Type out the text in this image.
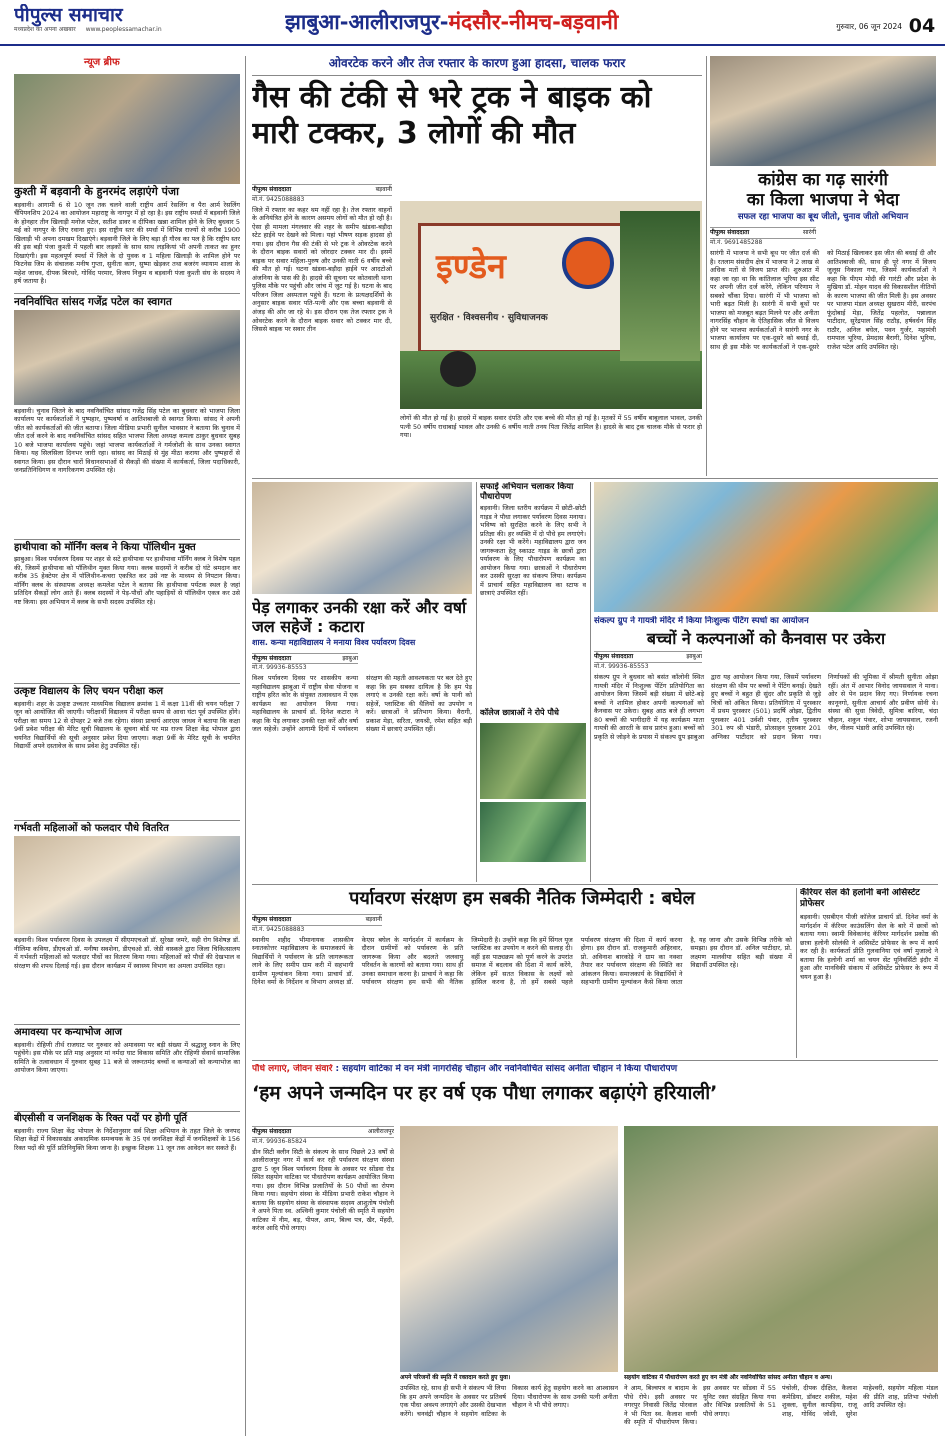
पीपुल्स समाचार
मध्यप्रदेश का अपना अखबार www.peoplessamachar.in	झाबुआ-आलीराजपुर-मंदसौर-नीमच-बड़वानी	गुरुवार, 06 जून 2024 04
न्यूज ब्रीफ
कुश्ती में बड़वानी के हुनरमंद लड़ाएंगे पंजा
बड़वानी। आगामी 6 से 10 जून तक चलने वाली राष्ट्रीय आर्म रेसलिंग व पैरा आर्म रेसलिंग चैंपियनशिप 2024 का आयोजन महाराष्ट्र के नागपुर में हो रहा है। इस राष्ट्रीय स्पर्धा में बड़वानी जिले के होनहार तीन खिलाड़ी मनोज पटेल, सतीश डावर व दीपिका खन्ना शामिल होने के लिए बुधवार 5 मई को नागपुर के लिए रवाना हुए। इस राष्ट्रीय स्तर की स्पर्धा में विभिन्न राज्यों से करीब 1900 खिलाड़ी भी अपना दमखम दिखाएंगे। बड़वानी जिले के लिए बड़ा ही गौरव का पल है कि राष्ट्रीय स्तर की इस बड़ी पंजा कुश्ती में पहली बार लड़कों के साथ साथ लड़कियां भी अपनी ताकत का हुनर दिखाएंगी। इस महत्वपूर्ण स्पर्धा में जिले के दो युवक व 1 महिला खिलाड़ी के शामिल होने पर फिटनेस जिम के संचालक मनीष गुप्ता, सुनीता काग, सुष्मा खेड़कर तथा बजरंग व्यायाम शाला के महेश जाधव, दीपक बिरथरे, गोविंद परमार, विजय निकुम व बड़वानी पंजा कुश्ती संघ के सदस्य ने हर्ष जताया है।
नवनिर्वाचित सांसद गजेंद्र पटेल का स्वागत
बड़वानी। चुनाव जितने के बाद नवनिर्वाचित सांसद गजेंद्र सिंह पटेल का बुधवार को भाजपा जिला कार्यालय पर कार्यकर्ताओं ने पुष्पहार, पुष्पवर्षा व आतिशबाजी से स्वागत किया। सांसद ने अपनी जीत को कार्यकर्ताओं की जीत बताया। जिला मीडिया प्रभारी सुनील भावसार ने बताया कि चुनाव में जीत दर्ज करने के बाद नवनिर्वाचित सांसद सहित भाजपा जिला अध्यक्ष कमला ठाकुर बुधवार सुबह 10 बजे भाजपा कार्यालय पहुंचे। जहां भाजपा कार्यकर्ताओं ने गर्मजोशी के साथ उनका स्वागत किया। यह सिलसिला दिनभर जारी रहा। सांसद का मिठाई से मुंह मीठा कराया और पुष्पहारों से स्वागत किया। इस दौरान चारों विधानसभाओं से सैकड़ों की संख्या में कार्यकर्ता, जिला पदाधिकारी, जनप्रतिनिधिगण व नागरिकगण उपस्थित रहे।
हाथीपावा को मॉर्निंग क्लब ने किया पॉलिथीन मुक्त
झाबुआ। विश्व पर्यावरण दिवस पर शहर से सटे हाथीपावा पर हाथीपावा मॉर्निंग क्लब ने विशेष पहल की, जिसमें हाथीपावा को पॉलिथीन मुक्त किया गया। क्लब सदस्यों ने करीब दो घंटे श्रमदान कर करीब 35 हेक्टेयर क्षेत्र में पॉलिथीन-कचरा एकत्रित कर उसे नष्ट के माध्यम से निपटान किया। मॉर्निंग क्लब के संस्थापक अध्यक्ष कमलेश पटेल ने बताया कि हाथीपावा पर्यटक स्थल है जहां प्रतिदिन सैकड़ों लोग आते हैं। क्लब सदस्यों ने पेड़-पौधों और पहाड़ियों से पॉलिथीन एकत्र कर उसे नष्ट किया। इस अभियान में क्लब के सभी सदस्य उपस्थित रहे।
उत्कृष्ट विद्यालय के लिए चयन परीक्षा कल
बड़वानी। शहर के उत्कृष्ट उच्चतर माध्यमिक विद्यालय क्रमांक 1 में कक्षा 11वीं की चयन परीक्षा 7 जून को आयोजित की जाएगी। परीक्षार्थी विद्यालय में परीक्षा समय से आधा घंटा पूर्व उपस्थित होंगे। परीक्षा का समय 12 से दोपहर 2 बजे तक रहेगा। संस्था प्राचार्य आरएस जाधव ने बताया कि कक्षा 9वीं प्रवेश परीक्षा की मेरिट सूची विद्यालय के सूचना बोर्ड पर मप्र राज्य शिक्षा केंद्र भोपाल द्वारा चयनित विद्यार्थियों की सूची अनुसार प्रवेश दिया जाएगा। कक्षा 9वीं के मेरिट सूची के चयनित विद्यार्थी अपने दस्तावेज के साथ प्रवेश हेतु उपस्थित रहें।
गर्भवती महिलाओं को फलदार पौधे वितरित
बड़वानी। विश्व पर्यावरण दिवस के उपलक्ष्य में सीएमएचओ डॉ. सुरेखा जमरे, सही रोग विशेषज्ञ डॉ. नीलिमा कविया, डीएचओ डॉ. मनीषा सवशेना, डीएचओ डॉ. जेडी वास्कले द्वारा जिला चिकित्सालय में गर्भवती महिलाओं को फलदार पौधों का वितरण किया गया। महिलाओं को पौधों की देखभाल व संरक्षण की शपथ दिलाई गई। इस दौरान कार्यक्रम में स्वास्थ्य विभाग का अमला उपस्थित रहा।
अमावस्या पर कन्याभोज आज
बड़वानी। रोहिणी तीर्थ राजघाट पर गुरुवार को अमावस्या पर बड़ी संख्या में श्रद्धालु स्नान के लिए पहुंचेंगे। इस मौके पर प्रति माह अनुसार मां नर्मदा घाट विकास समिति और रोहिणी सेवार्थ सामाजिक समिति के तत्वावधान में गुरुवार सुबह 11 बजे से जरूरतमंद बच्चों व कन्याओं को कन्याभोज का आयोजन किया जाएगा।
बीएसीसी व जनशिक्षक के रिक्त पदों पर होगी पूर्ति
बड़वानी। राज्य शिक्षा केंद्र भोपाल के निर्देशानुसार सर्व शिक्षा अभियान के तहत जिले के जनपद शिक्षा केंद्रों में विकासखंड अकादमिक समन्वयक के 35 एवं जनशिक्षा केंद्रों में जनशिक्षकों के 156 रिक्त पदों की पूर्ति प्रतिनियुक्ति किया जाना है। इच्छुक शिक्षक 11 जून तक आवेदन कर सकते हैं।
ओवरटेक करने और तेज रफ्तार के कारण हुआ हादसा, चालक फरार
गैस की टंकी से भरे ट्रक ने बाइक को मारी टक्कर, 3 लोगों की मौत
पीपुल्स संवाददाता	बड़वानी
मो.नं. 9425088883
जिले में रफ्तार का कहर थम नहीं रहा है। तेज रफ्तार वाहनों के अनियंत्रित होने के कारण असमय लोगों को मौत हो रही है। ऐसा ही मामला मंगलवार की शहर के समीप खंडवा-बड़ौदा स्टेट हाईवे पर देखने को मिला। यहां भीषण सड़क हादसा हो गया। इस दौरान गैस की टंकी से भरे ट्रक ने ओवरटेक करने के दौरान बाइक सवारों को जोरदार टक्कर मार दी। इसमें बाइक पर सवार महिला-पुरुष और उनकी नाती 6 वर्षीय बच्चे की मौत हो गई। घटना खंडवा-बड़ौदा हाईवे पर आदटोओ अंजनिया के पास की है। हादसे की सूचना पर कोतवाली थाना पुलिस मौके पर पहुंची और जांच में जुट गई है। घटना के बाद परिजन जिला अस्पताल पहुंचे हैं। घटना के प्रत्यक्षदर्शियों के अनुसार बाइक सवार पति-पत्नी और एक बच्चा बड़वानी से अंजड़ की ओर जा रहे थे। इस दौरान एक तेज रफ्तार ट्रक ने ओवरटेक करने के दौरान बाइक सवार को टक्कर मार दी, जिससे बाइक पर सवार तीन
इण्डेन
सुरक्षित · विश्वसनीय · सुविधाजनक
लोगों की मौत हो गई है। हादसे में बाइक सवार दंपति और एक बच्चे की मौत हो गई है। मृतकों में 55 वर्षीय बाबूलाल भावल, उनकी पत्नी 50 वर्षीय राधाबाई भावल और उनकी 6 वर्षीय नाती तनय पिता जितेंद्र शामिल है। हादसे के बाद ट्रक चालक मौके से फरार हो गया।
कांग्रेस का गढ़ सारंगी
का किला भाजपा ने भेदा
सफल रहा भाजपा का बूथ जीतो, चुनाव जीतो अभियान
पीपुल्स संवाददाता	सारंगी
मो.नं. 9691485288
सारंगी में भाजपा ने सभी बूथ पर जीत दर्ज की है। रतलाम संसदीय क्षेत्र में भाजपा ने 2 लाख से अधिक मतों से विजय प्राप्त की। शुरुआत में कहा जा रहा था कि कांतिलाल भूरिया इस सीट पर अपनी जीत दर्ज करेंगे, लेकिन परिणाम ने सबको चौंका दिया। सारंगी में भी भाजपा को भारी बढ़त मिली है। सारंगी में सभी बूथों पर भाजपा को मजबूत बढ़त मिलने पर और अनीता नागरसिंह चौहान के ऐतिहासिक जीत से विजय होने पर भाजपा कार्यकर्ताओं ने सारंगी नगर के भाजपा कार्यालय पर एक-दूसरे को बधाई दी, साथ ही इस मौके पर कार्यकर्ताओं ने एक-दूसरे को मिठाई खिलाकर इस जीत की बधाई दी और आतिशबाजी की, साथ ही पूरे नगर में विजय जुलूस निकाला गया, जिसमें कार्यकर्ताओं ने कहा कि पीएम मोदी की गारंटी और प्रदेश के मुखिया डॉ. मोहन यादव की विकासशील नीतियों के कारण भाजपा की जीत मिली है। इस अवसर पर भाजपा मंडल अध्यक्ष सुखराम मीरी, सरपंच फूंदोबाई मेड़ा, जितेंद्र पहलोत, पन्नालाल पाटीदार, सुरेंद्रपाल सिंह राठौड़, हर्षवर्धन सिंह राठौर, अनिल बघेल, पवन गुर्जर, महामंत्री रामपाल भूरिया, प्रेमदास बैरागी, दिनेश भूरिया, राजेश पटेल आदि उपस्थित रहे।
पेड़ लगाकर उनकी रक्षा करें और वर्षा जल सहेजें : कटारा
शास. कन्या महाविद्यालय ने मनाया विश्व पर्यावरण दिवस
पीपुल्स संवाददाता	झाबुआ
मो.नं. 99936-85553
विश्व पर्यावरण दिवस पर शासकीय कन्या महाविद्यालय झाबुआ में राष्ट्रीय सेवा योजना व राष्ट्रीय हरित कोर के संयुक्त तत्वावधान में एक कार्यक्रम का आयोजन किया गया। महाविद्यालय के प्राचार्य डॉ. दिनेश कटारा ने कहा कि पेड़ लगाकर उनकी रक्षा करें और वर्षा जल सहेजें। उन्होंने आगामी दिनों में पर्यावरण संरक्षण की महती आवश्यकता पर बल देते हुए कहा कि हम सबका दायित्व है कि हम पेड़ लगाएं व उनकी रक्षा करें। वर्षा के पानी को सहेजें, प्लास्टिक की थैलियों का उपयोग न करें। छात्राओं ने प्रतिभाग किया। वैरागी, प्रकाश मेड़ा, सरिता, जयश्री, रमेश सहित बड़ी संख्या में छात्राएं उपस्थित रहीं।
सफाई अभियान चलाकर किया पौधारोपण
बड़वानी। जिला स्तरीय कार्यक्रम में छोटी-छोटी गाइड ने पौधा लगाकर पर्यावरण दिवस मनाया। भविष्य को सुरक्षित करने के लिए सभी ने प्रतिज्ञा की। हर व्यक्ति में दो पौधे हम लगाएंगे। उनकी रक्षा भी करेंगे। महाविद्यालय द्वारा जन जागरूकता हेतु स्काउट गाइड के छात्रों द्वारा पर्यावरण के लिए पौधारोपण कार्यक्रम का आयोजन किया गया। छात्राओं ने पौधारोपण कर उसकी सुरक्षा का संकल्प लिया। कार्यक्रम में प्राचार्य सहित महाविद्यालय का स्टाफ व छात्राएं उपस्थित रहीं।
कॉलेज छात्राओं ने रोपे पौधे
संकल्प ग्रुप ने गायत्री मंदिर में किया निःशुल्क पेंटिंग स्पर्धा का आयोजन
बच्चों ने कल्पनाओं को कैनवास पर उकेरा
पीपुल्स संवाददाता	झाबुआ
मो.नं. 99936-85553
संकल्प ग्रुप ने बुधवार को बसंत कॉलोनी स्थित गायत्री मंदिर में निःशुल्क पेंटिंग प्रतियोगिता का आयोजन किया जिसमें बड़ी संख्या में छोटे-बड़े बच्चों ने शामिल होकर अपनी कल्पनाओं को कैनवास पर उकेरा। सुबह आठ बजे ही लगभग 80 बच्चों की भागीदारी में यह कार्यक्रम माता गायत्री की आरती के साथ प्रारंभ हुआ। बच्चों को प्रकृति से जोड़ने के प्रयास में संकल्प ग्रुप झाबुआ द्वारा यह आयोजन किया गया, जिसमें पर्यावरण संरक्षण की थीम पर बच्चों ने पेंटिंग बनाई। देखते हुए बच्चों ने बहुत ही सुंदर और प्रकृति से जुड़े चित्रों को अंकित किया। प्रतियोगिता में पुरस्कार में प्रथम पुरस्कार (501) प्रदर्षि ओझा, द्वितीय पुरस्कार 401 उर्वशी पंवार, तृतीय पुरस्कार 301 रुप श्री भंडारी, प्रोत्साहन पुरस्कार 201 अग्निका पाटीदार को प्रदान किया गया। निर्णायकों की भूमिका में श्रीमती सुनीता ओझा रहीं। अंत में आभार विनोद जायसवाल ने माना। ओर से पेन प्रदान किए गए। निर्णायक रचना कानूनगो, सुनीता आचार्य और प्रवीण सोनी थे। संस्था की सुधा त्रिवेदी, सुमित्रा बारिया, चंदा चौहान, शकुन पंवार, शोभा जायसवाल, रजनी जैन, नीलम भंडारी आदि उपस्थित रहे।
पर्यावरण संरक्षण हम सबकी नैतिक जिम्मेदारी : बघेल
पीपुल्स संवाददाता	बड़वानी
मो.नं. 9425088883
स्थानीय शहीद भीमानायक शासकीय स्नातकोत्तर महाविद्यालय के समाजकार्य के विद्यार्थियों ने पर्यावरण के प्रति जागरूकता लाने के लिए समीप ग्राम करी में सहभागी ग्रामीण मूल्यांकन किया गया। प्राचार्य डॉ. दिनेश वर्मा के निर्देशन व विभाग अध्यक्ष डॉ. केएस बघेल के मार्गदर्शन में कार्यक्रम के दौरान ग्रामीणों को पर्यावरण के प्रति जागरूक किया और बदलते जलवायु परिवर्तन के कारणों को बताया गया। साथ ही उनका समाधान करना है। प्राचार्य ने कहा कि पर्यावरण संरक्षण हम सभी की नैतिक जिम्मेदारी है। उन्होंने कहा कि हमें सिंगल यूज प्लास्टिक का उपयोग न करने की सलाह दी। वहीं इस पाठ्यक्रम को पूर्ण करने के उपरांत समाज में बदलाव की दिशा में कार्य करेंगे, लेकिन हमें सतत विकास के लक्ष्यों को हासिल करना है, तो हमें सबसे पहले पर्यावरण संरक्षण की दिशा में कार्य करना होगा। इस दौरान डॉ. राजकुमारी अहिरवार, प्रो. अविनाश बारकोड़े ने ग्राम का नक्शा तैयार कर पर्यावरण संरक्षण की स्थिति का आंकलन किया। समाजकार्य के विद्यार्थियों ने सहभागी ग्रामीण मूल्यांकन कैसे किया जाता है, यह जाना और उसके विभिन्न तरीके को समझा। इस दौरान डॉ. अनिल पाटीदार, प्रो. लक्ष्मण मालवीया सहित बड़ी संख्या में विद्यार्थी उपस्थित रहे।
कॅरियर सेल की हलोनी बनीं असिस्टेंट प्रोफेसर
बड़वानी। एसबीएन पीजी कॉलेज प्राचार्य डॉ. दिनेश वर्मा के मार्गदर्शन में कॅरियर काउंसलिंग सेल के बारे में छात्रों को बताया गया। स्वामी विवेकानंद कॅरियर मार्गदर्शन प्रकोष्ठ की छात्रा हलोनी सोलंकी ने असिस्टेंट प्रोफेसर के रूप में कार्य कर रही है। कार्यकर्ता प्रीति गुलवानिया एवं वर्षा मुजाल्दे ने बताया कि हलोनी शर्मा का चयन सेंट यूनिवर्सिटी इंदौर में हुआ और मानविकी संकाय में असिस्टेंट प्रोफेसर के रूप में चयन हुआ है।
पौधे लगाएं, जीवन संवारें : सहयोग वाटिका में वन मंत्री नागरसिंह चौहान और नवनिर्वाचित सांसद अनीता चौहान ने किया पौधारोपण
‘हम अपने जन्मदिन पर हर वर्ष एक पौधा लगाकर बढ़ाएंगे हरियाली’
पीपुल्स संवाददाता	आलीराजपुर
मो.नं. 99936-85824
डीन सिटी क्लीन सिटी के संकल्प के साथ पिछले 23 वर्षों से आलीराजपुर नगर में कार्य कर रही पर्यावरण संरक्षण संस्था द्वारा 5 जून विश्व पर्यावरण दिवस के अवसर पर सोंडवा रोड स्थित सहयोग वाटिका पर पौधारोपण कार्यक्रम आयोजित किया गया। इस दौरान विभिन्न प्रजातियों के 50 पौधों का रोपण किया गया। सहयोग संस्था के मीडिया प्रभारी राकेश चौहान ने बताया कि सहयोग संस्था के संस्थापक सदस्य आशुतोष पंचोली ने अपने पिता स्व. अश्विनी कुमार पंचोली की स्मृति में सहयोग वाटिका में नीम, बड़, पीपल, आम, बिल्व पत्र, खैर, मेंहदी, करंज आदि पौधे लगाए।
अपने परिजनों की स्मृति में रक्तदान करते हुए युवा।	सहयोग वाटिका में पौधारोपण करते हुए वन मंत्री और नवनिर्वाचित सांसद अनीता चौहान व अन्य।
उपस्थित रहे, साथ ही सभी ने संकल्प भी लिया कि हम अपने जन्मदिन के अवसर पर प्रतिवर्ष एक पौधा अवश्य लगाएंगे और उसकी देखभाल करेंगे। चनवंद्री चौहान ने सहयोग वाटिका के विकास कार्य हेतु सहयोग करने का आश्वासन दिया। पौधारोपण के साथ उनकी पत्नी अनीता चौहान ने भी पौधे लगाए।
ने आम, बिल्वपत्र व बादाम के पौधे रोपे। इसी अवसर पर नगरपुर निवासी जितेंद्र पोरवाल ने भी पिता स्व. कैलाश वाणी की स्मृति में पौधारोपण किया। इस अवसर पर सोंडवा में 55 यूनिट रक्त संग्रहित किया गया और विभिन्न प्रजातियों के 51 पौधे लगाए।
पंचोली, दीपक दीक्षित, कैलाश कमेडिया, डॉक्टर शकील, महेश शुक्ला, सुनील कापड़िया, राजू शाह, गोविंद जोशी, सुरेश माहेश्वरी, सहयोग महिला मंडल की प्रीति शाह, प्रतिभा पंचोली आदि उपस्थित रहे।
